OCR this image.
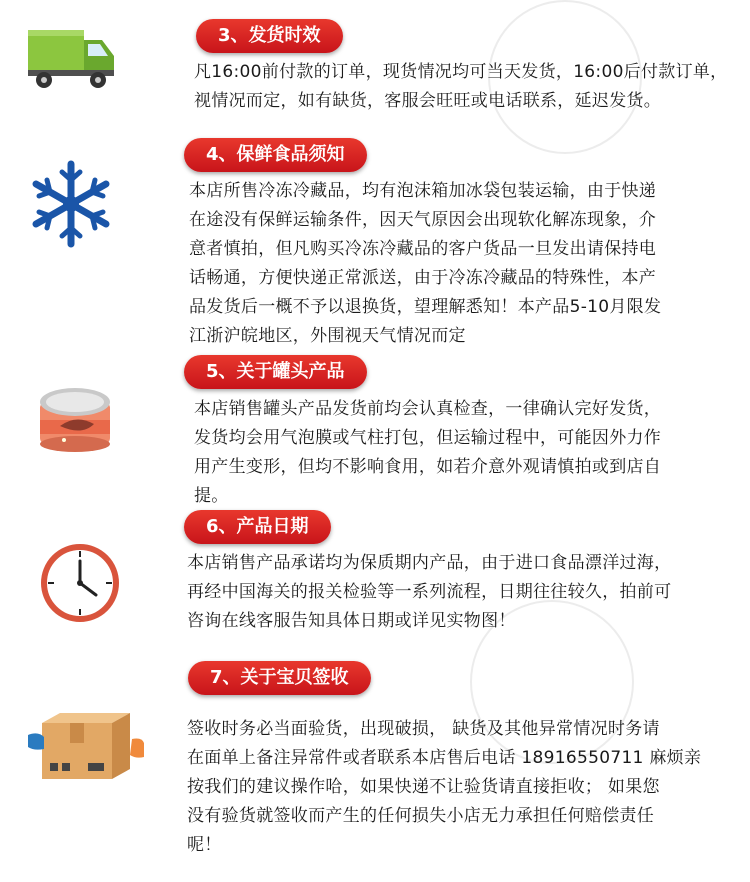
3、发货时效
凡16:00前付款的订单，现货情况均可当天发货，16:00后付款订单，
视情况而定，如有缺货，客服会旺旺或电话联系，延迟发货。
4、保鲜食品须知
本店所售冷冻冷藏品，均有泡沫箱加冰袋包装运输，由于快递
在途没有保鲜运输条件，因天气原因会出现软化解冻现象，介
意者慎拍，但凡购买冷冻冷藏品的客户货品一旦发出请保持电
话畅通，方便快递正常派送，由于冷冻冷藏品的特殊性，本产
品发货后一概不予以退换货，望理解悉知！本产品5-10月限发
江浙沪皖地区，外围视天气情况而定
5、关于罐头产品
本店销售罐头产品发货前均会认真检查，一律确认完好发货，
发货均会用气泡膜或气柱打包，但运输过程中，可能因外力作
用产生变形，但均不影响食用，如若介意外观请慎拍或到店自
提。
6、产品日期
本店销售产品承诺均为保质期内产品，由于进口食品漂洋过海，
再经中国海关的报关检验等一系列流程，日期往往较久，拍前可
咨询在线客服告知具体日期或详见实物图！
7、关于宝贝签收
签收时务必当面验货，出现破损， 缺货及其他异常情况时务请
在面单上备注异常件或者联系本店售后电话 18916550711 麻烦亲
按我们的建议操作哈，如果快递不让验货请直接拒收； 如果您
没有验货就签收而产生的任何损失小店无力承担任何赔偿责任
呢！
